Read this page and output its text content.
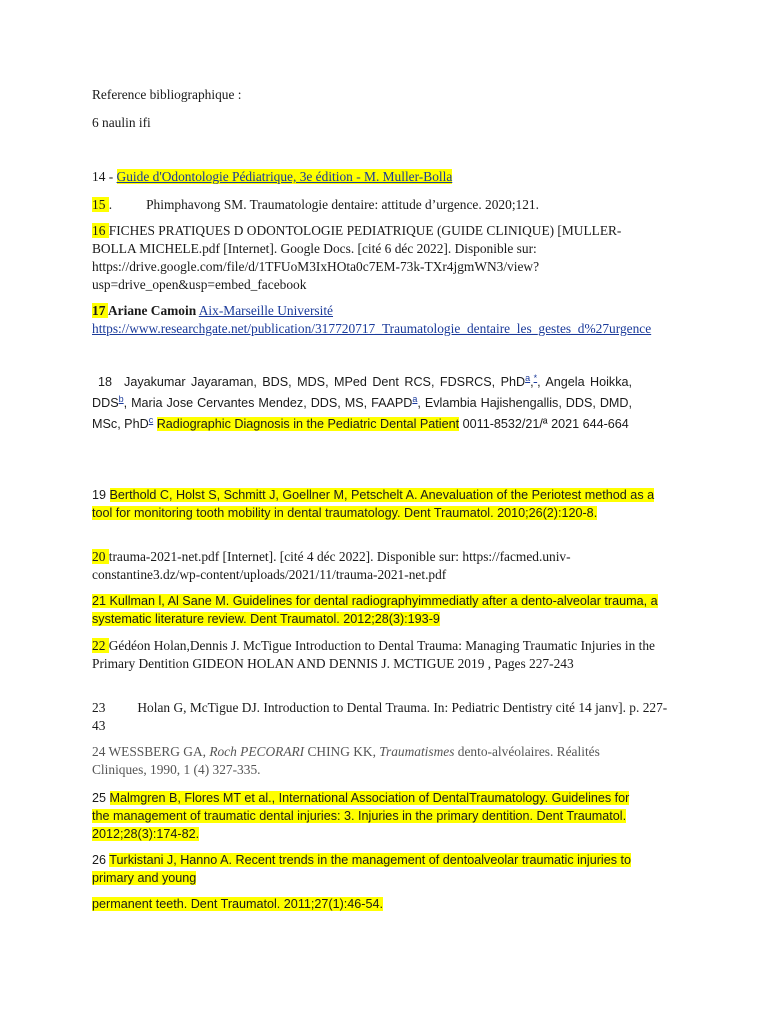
Reference bibliographique :

6 naulin ifi

14 - Guide d'Odontologie Pédiatrique, 3e édition - M. Muller-Bolla

15 .	Phimphavong SM. Traumatologie dentaire: attitude d’urgence. 2020;121.

16 FICHES PRATIQUES D ODONTOLOGIE PEDIATRIQUE (GUIDE CLINIQUE) [MULLER-BOLLA MICHELE.pdf [Internet]. Google Docs. [cité 6 déc 2022]. Disponible sur: https://drive.google.com/file/d/1TFUoM3IxHOta0c7EM-73k-TXr4jgmWN3/view?usp=drive_open&usp=embed_facebook

17 Ariane Camoin Aix-Marseille Université
https://www.researchgate.net/publication/317720717_Traumatologie_dentaire_les_gestes_d%27urgence

18 Jayakumar Jayaraman, BDS, MDS, MPed Dent RCS, FDSRCS, PhD$^a$,*, Angela Hoikka, DDS$^b$, Maria Jose Cervantes Mendez, DDS, MS, FAAPD$^a$, Evlambia Hajishengallis, DDS, DMD, MSc, PhD$^c$ Radiographic Diagnosis in the Pediatric Dental Patient 0011-8532/21/ª 2021 644-664

19 Berthold C, Holst S, Schmitt J, Goellner M, Petschelt A. Anevaluation of the Periotest method as a tool for monitoring tooth mobility in dental traumatology. Dent Traumatol. 2010;26(2):120-8.

20 trauma-2021-net.pdf [Internet]. [cité 4 déc 2022]. Disponible sur: https://facmed.univ-constantine3.dz/wp-content/uploads/2021/11/trauma-2021-net.pdf

21 Kullman l, Al Sane M. Guidelines for dental radiographyimmediatly after a dento-alveolar trauma, a systematic literature review. Dent Traumatol. 2012;28(3):193-9

22 Gédéon Holan,Dennis J. McTigue Introduction to Dental Trauma: Managing Traumatic Injuries in the Primary Dentition GIDEON HOLAN AND DENNIS J. MCTIGUE 2019 , Pages 227-243

23 Holan G, McTigue DJ. Introduction to Dental Trauma. In: Pediatric Dentistry cité 14 janv]. p. 227-43

24 WESSBERG GA, Roch PECORARI CHING KK, Traumatismes dento-alvéolaires. Réalités Cliniques, 1990, 1 (4) 327-335.

25 Malmgren B, Flores MT et al., International Association of DentalTraumatology. Guidelines for the management of traumatic dental injuries: 3. Injuries in the primary dentition. Dent Traumatol. 2012;28(3):174-82.

26 Turkistani J, Hanno A. Recent trends in the management of dentoalveolar traumatic injuries to primary and young

permanent teeth. Dent Traumatol. 2011;27(1):46-54.
